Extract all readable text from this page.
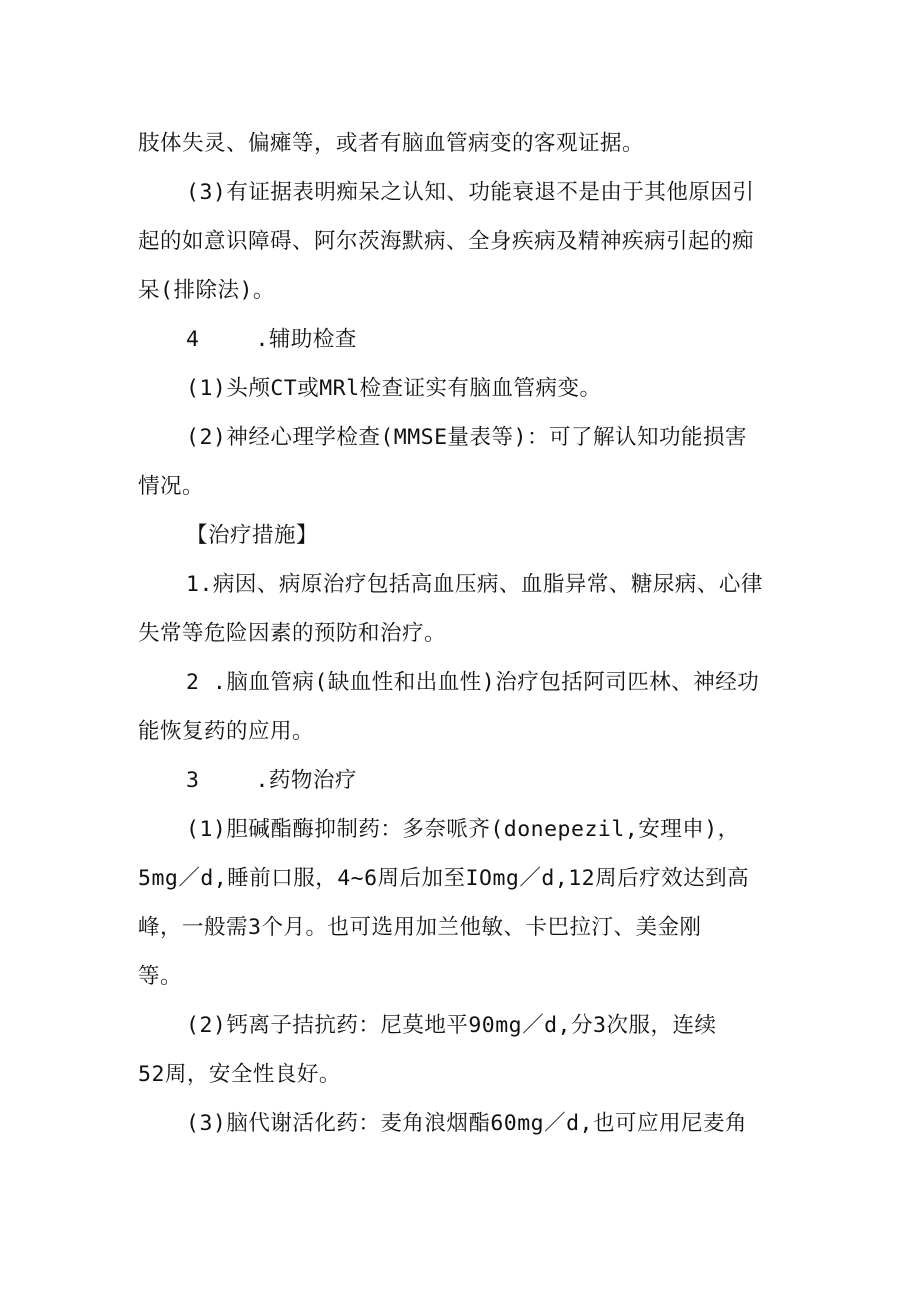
肢体失灵、偏瘫等，或者有脑血管病变的客观证据。
(3)有证据表明痴呆之认知、功能衰退不是由于其他原因引
起的如意识障碍、阿尔茨海默病、全身疾病及精神疾病引起的痴
呆(排除法)。
4	.辅助检查
(1)头颅CT或MRl检查证实有脑血管病变。
(2)神经心理学检查(MMSE量表等)：可了解认知功能损害
情况。
【治疗措施】
1.病因、病原治疗包括高血压病、血脂异常、糖尿病、心律
失常等危险因素的预防和治疗。
2 .脑血管病(缺血性和出血性)治疗包括阿司匹林、神经功
能恢复药的应用。
3	.药物治疗
(1)胆碱酯酶抑制药：多奈哌齐(donepezil,安理申)，
5mg／d,睡前口服，4~6周后加至IOmg／d,12周后疗效达到高
峰，一般需3个月。也可选用加兰他敏、卡巴拉汀、美金刚
等。
(2)钙离子拮抗药：尼莫地平90mg／d,分3次服，连续
52周，安全性良好。
(3)脑代谢活化药：麦角浪烟酯60mg／d,也可应用尼麦角
